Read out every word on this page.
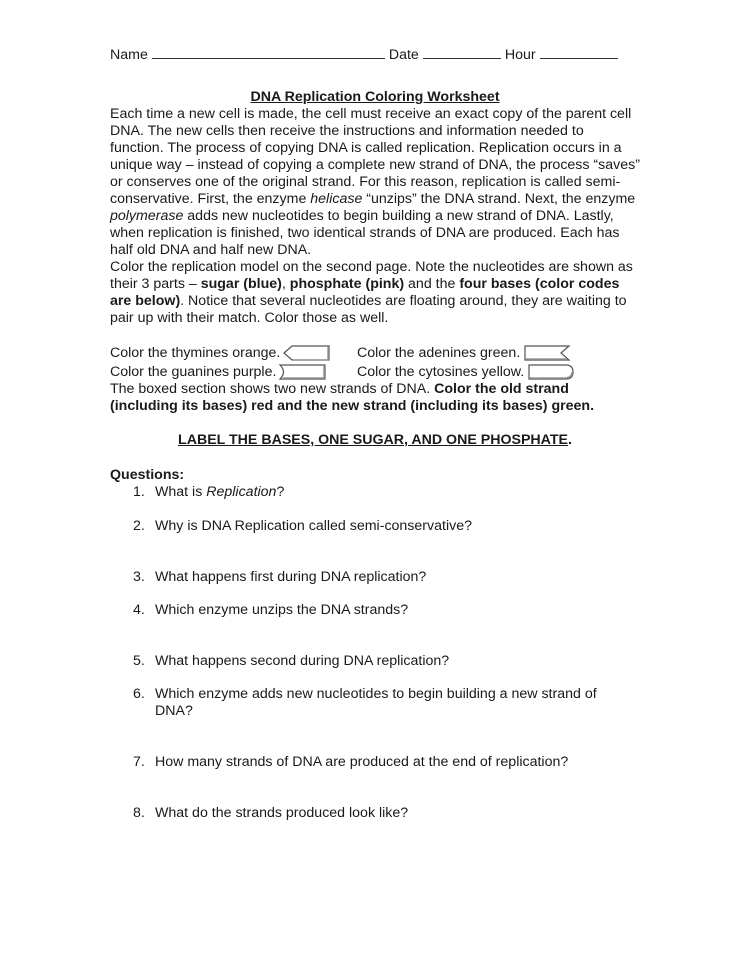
Name	Date	Hour
DNA Replication Coloring Worksheet

Each time a new cell is made, the cell must receive an exact copy of the parent cell DNA. The new cells then receive the instructions and information needed to function. The process of copying DNA is called replication. Replication occurs in a unique way – instead of copying a complete new strand of DNA, the process “saves” or conserves one of the original strand. For this reason, replication is called semi-conservative. First, the enzyme helicase “unzips” the DNA strand. Next, the enzyme polymerase adds new nucleotides to begin building a new strand of DNA. Lastly, when replication is finished, two identical strands of DNA are produced. Each has half old DNA and half new DNA.

Color the replication model on the second page. Note the nucleotides are shown as their 3 parts – sugar (blue), phosphate (pink) and the four bases (color codes are below). Notice that several nucleotides are floating around, they are waiting to pair up with their match. Color those as well.

Color the thymines orange.	Color the adenines green.
Color the guanines purple.	Color the cytosines yellow.

The boxed section shows two new strands of DNA. Color the old strand (including its bases) red and the new strand (including its bases) green.

LABEL THE BASES, ONE SUGAR, AND ONE PHOSPHATE.
Questions:
1. What is Replication?
2. Why is DNA Replication called semi-conservative?
3. What happens first during DNA replication?
4. Which enzyme unzips the DNA strands?
5. What happens second during DNA replication?
6. Which enzyme adds new nucleotides to begin building a new strand of DNA?
7. How many strands of DNA are produced at the end of replication?
8. What do the strands produced look like?
